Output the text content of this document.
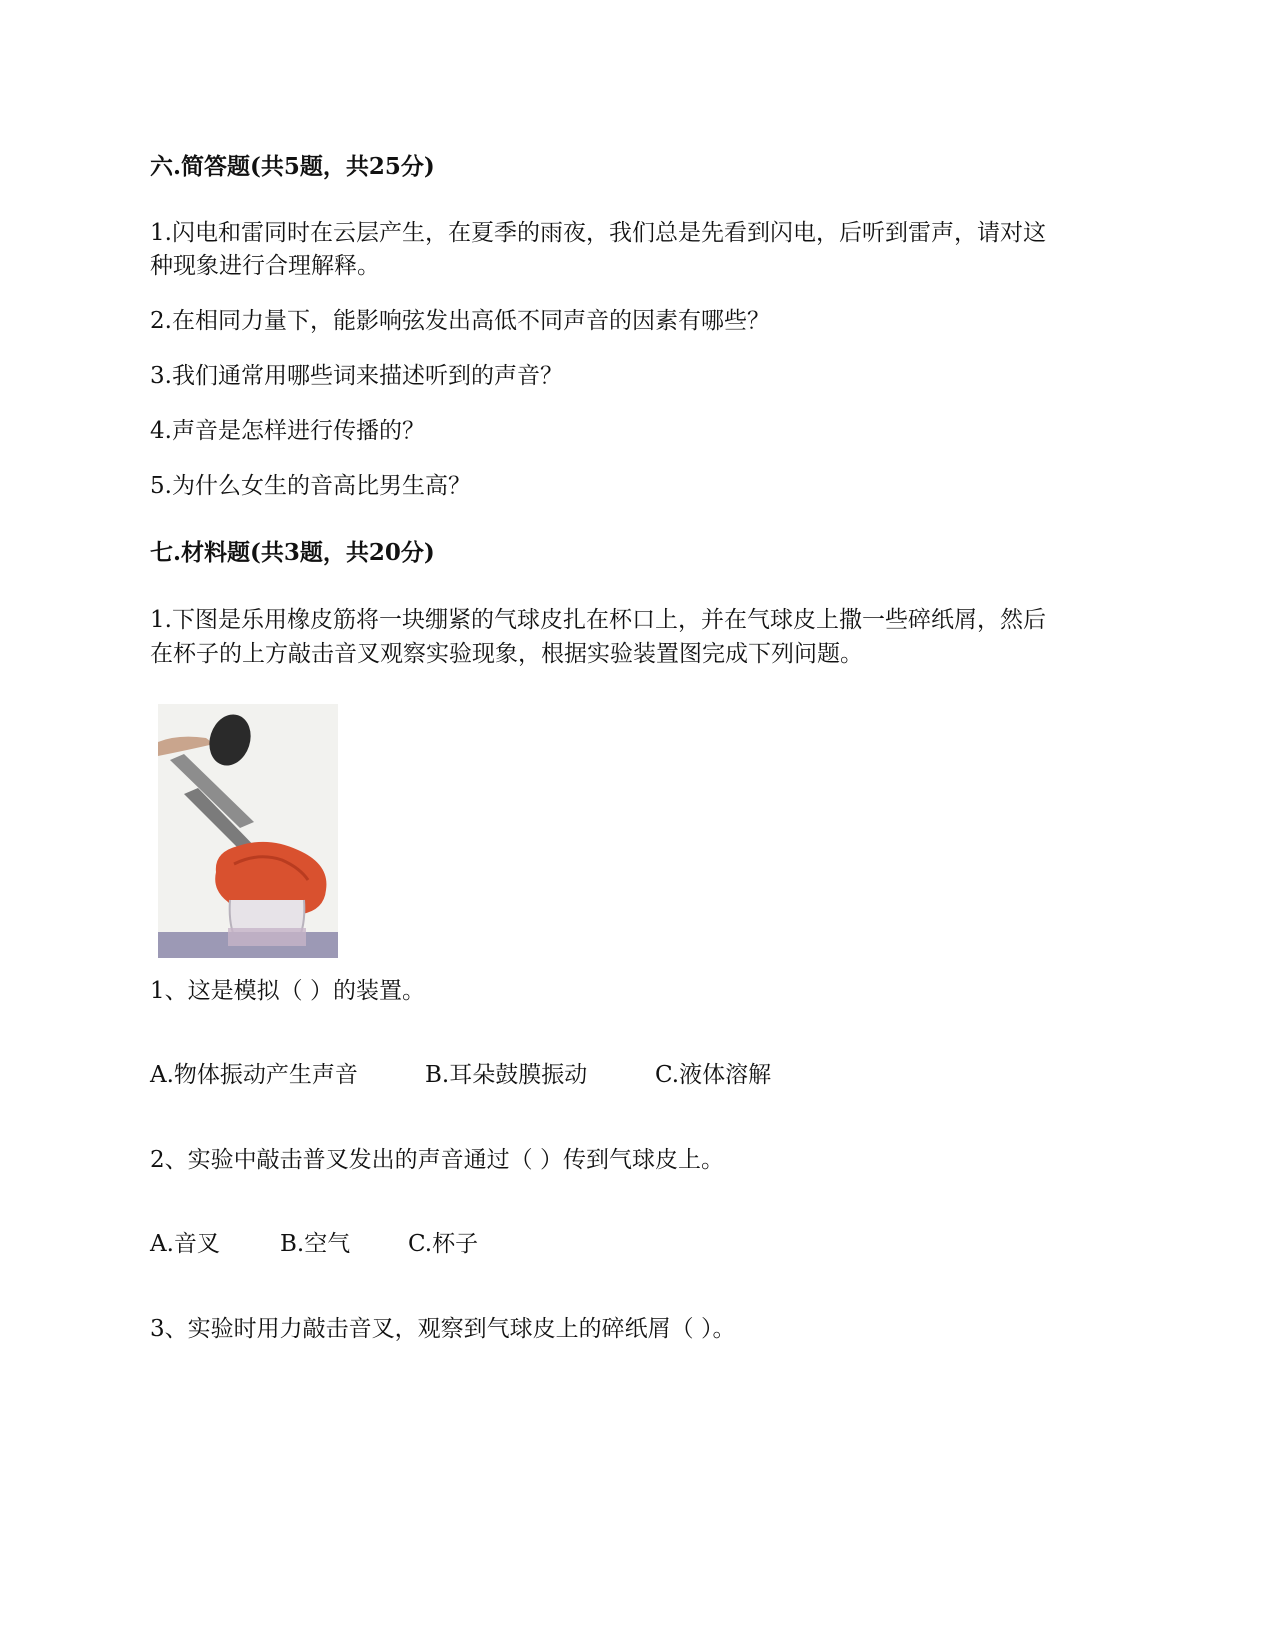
六.简答题(共5题，共25分)
1.闪电和雷同时在云层产生，在夏季的雨夜，我们总是先看到闪电，后听到雷声，请对这
种现象进行合理解释。
2.在相同力量下，能影响弦发出高低不同声音的因素有哪些？
3.我们通常用哪些词来描述听到的声音？
4.声音是怎样进行传播的？
5.为什么女生的音高比男生高？
七.材料题(共3题，共20分)
1.下图是乐用橡皮筋将一块绷紧的气球皮扎在杯口上，并在气球皮上撒一些碎纸屑，然后
在杯子的上方敲击音叉观察实验现象，根据实验装置图完成下列问题。
1、这是模拟（ ）的装置。
A.物体振动产生声音	B.耳朵鼓膜振动	C.液体溶解
2、实验中敲击普叉发出的声音通过（ ）传到气球皮上。
A.音叉	B.空气	C.杯子
3、实验时用力敲击音叉，观察到气球皮上的碎纸屑（ ）。
